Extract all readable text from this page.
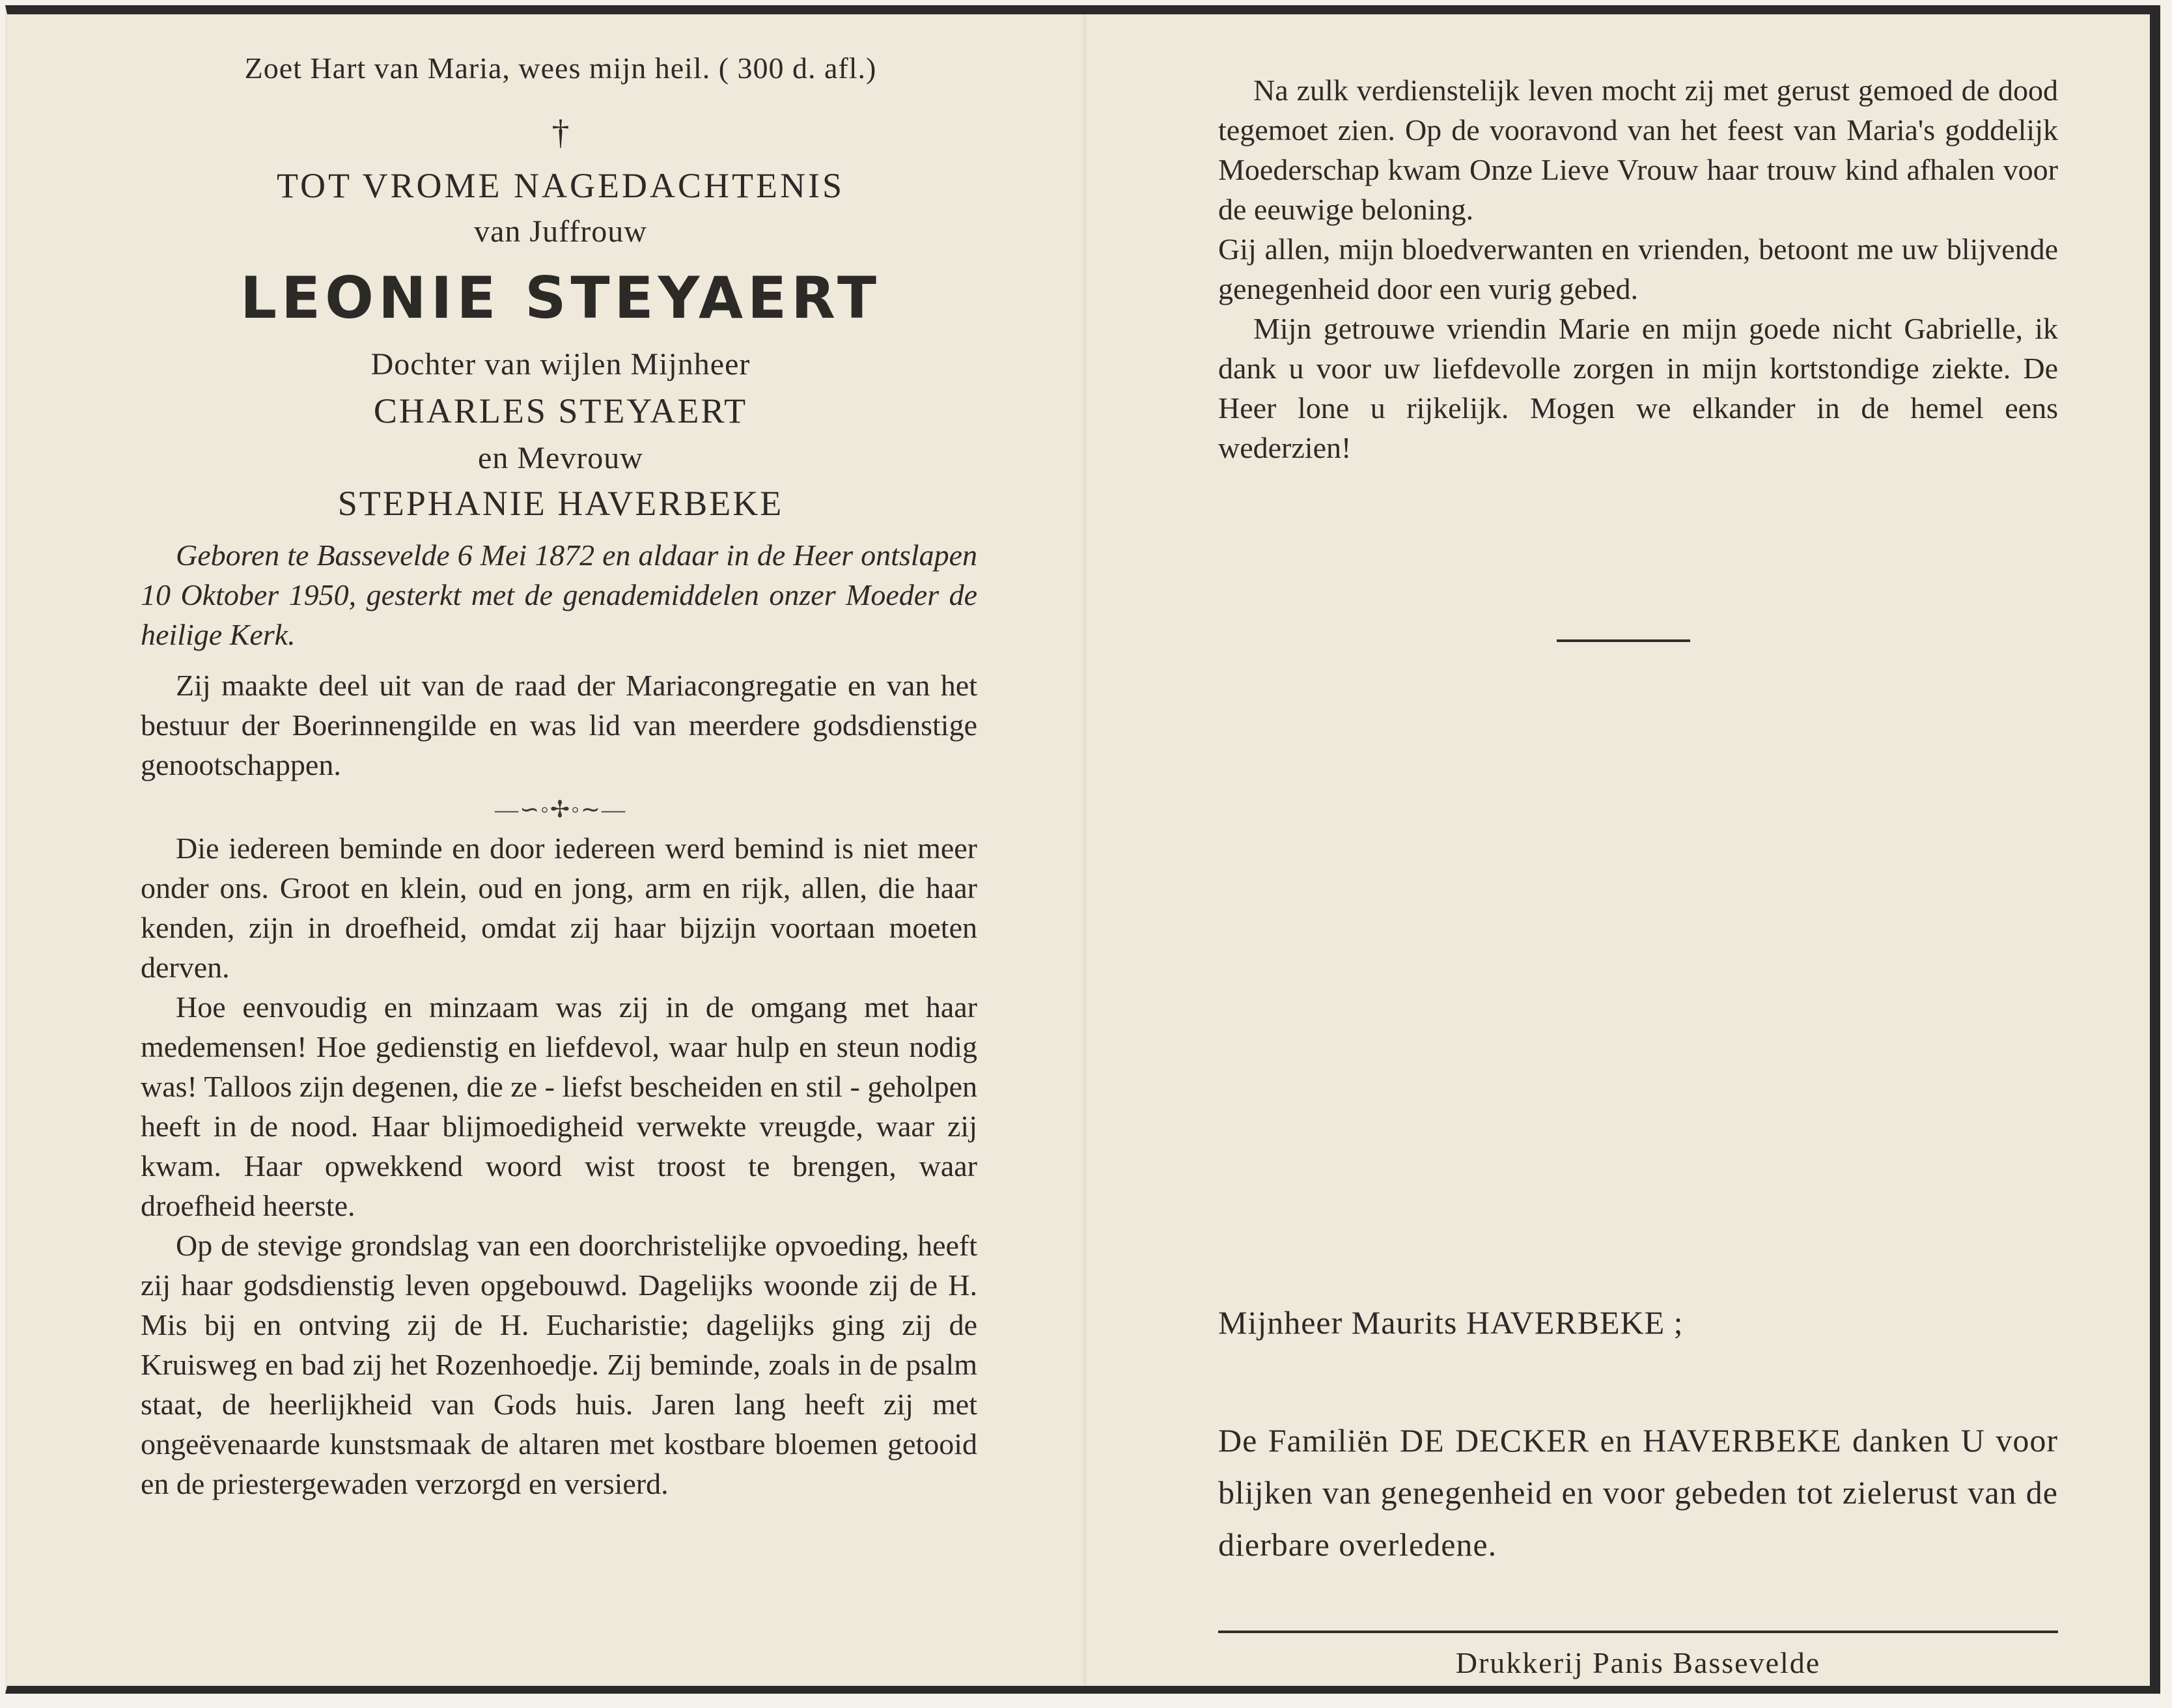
Zoet Hart van Maria, wees mijn heil. ( 300 d. afl.)
†
TOT VROME NAGEDACHTENIS
van Juffrouw
LEONIE STEYAERT
Dochter van wijlen Mijnheer
CHARLES STEYAERT
en Mevrouw
STEPHANIE HAVERBEKE

Geboren te Bassevelde 6 Mei 1872 en aldaar in de Heer ontslapen 10 Oktober 1950, gesterkt met de genademiddelen onzer Moeder de heilige Kerk.

Zij maakte deel uit van de raad der Mariacongregatie en van het bestuur der Boerinnengilde en was lid van meerdere godsdienstige genootschappen.

—∽◦✢◦∼—

Die iedereen beminde en door iedereen werd bemind is niet meer onder ons. Groot en klein, oud en jong, arm en rijk, allen, die haar kenden, zijn in droefheid, omdat zij haar bijzijn voortaan moeten derven.

Hoe eenvoudig en minzaam was zij in de omgang met haar medemensen! Hoe gedienstig en liefdevol, waar hulp en steun nodig was! Talloos zijn degenen, die ze - liefst bescheiden en stil - geholpen heeft in de nood. Haar blijmoedigheid verwekte vreugde, waar zij kwam. Haar opwekkend woord wist troost te brengen, waar droefheid heerste.

Op de stevige grondslag van een doorchristelijke opvoeding, heeft zij haar godsdienstig leven opgebouwd. Dagelijks woonde zij de H. Mis bij en ontving zij de H. Eucharistie; dagelijks ging zij de Kruisweg en bad zij het Rozenhoedje. Zij beminde, zoals in de psalm staat, de heerlijkheid van Gods huis. Jaren lang heeft zij met ongeëvenaarde kunstsmaak de altaren met kostbare bloemen getooid en de priestergewaden verzorgd en versierd.

Na zulk verdienstelijk leven mocht zij met gerust gemoed de dood tegemoet zien. Op de vooravond van het feest van Maria's goddelijk Moederschap kwam Onze Lieve Vrouw haar trouw kind afhalen voor de eeuwige beloning.

Gij allen, mijn bloedverwanten en vrienden, betoont me uw blijvende genegenheid door een vurig gebed.

Mijn getrouwe vriendin Marie en mijn goede nicht Gabrielle, ik dank u voor uw liefdevolle zorgen in mijn kortstondige ziekte. De Heer lone u rijkelijk. Mogen we elkander in de hemel eens wederzien!

Mijnheer Maurits HAVERBEKE ;
De Familiën DE DECKER en HAVERBEKE danken U voor blijken van genegenheid en voor gebeden tot zielerust van de dierbare overledene.
Drukkerij Panis Bassevelde
